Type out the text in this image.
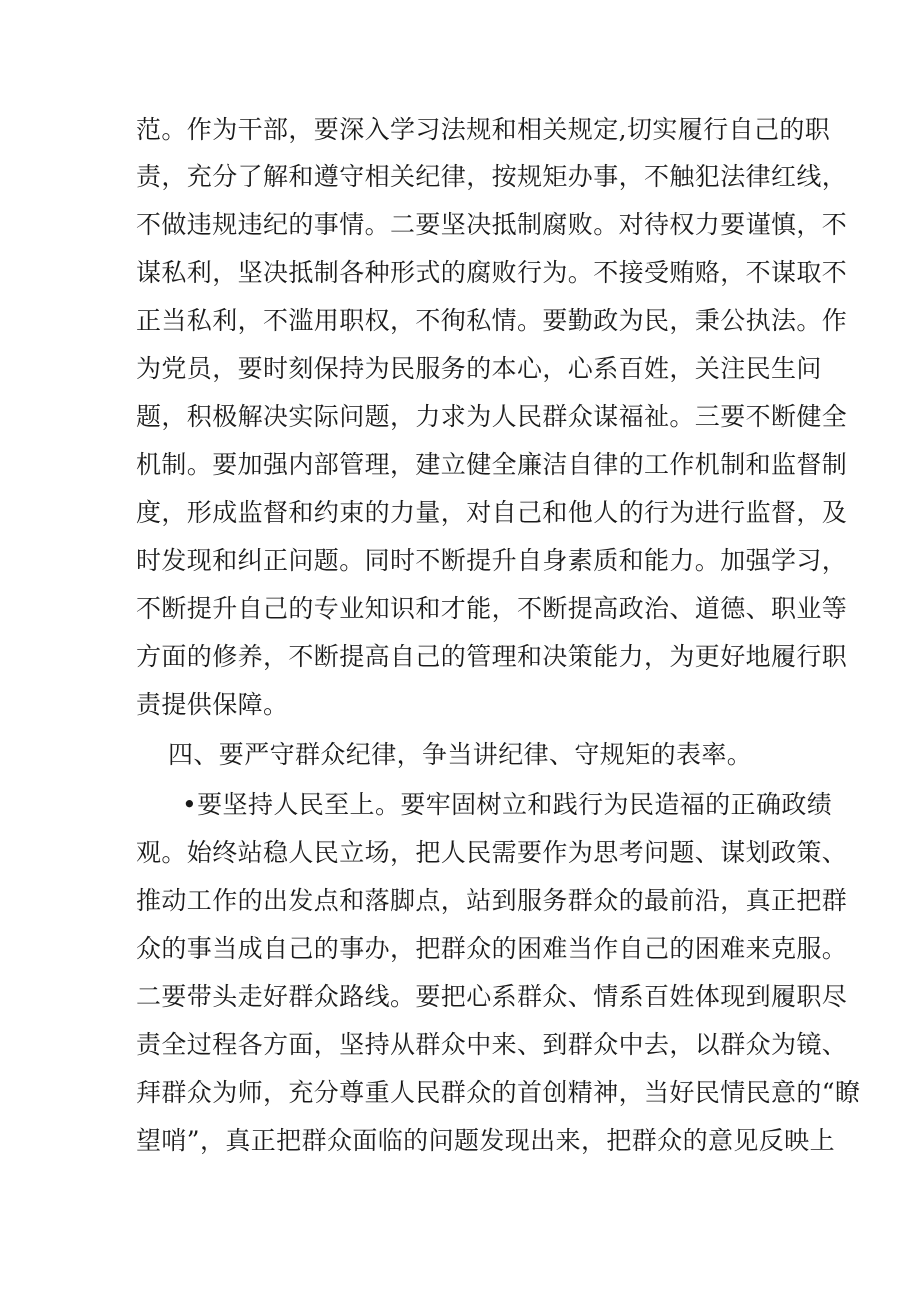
范。作为干部，要深入学习法规和相关规定,切实履行自己的职
责，充分了解和遵守相关纪律，按规矩办事，不触犯法律红线，
不做违规违纪的事情。二要坚决抵制腐败。对待权力要谨慎，不
谋私利，坚决抵制各种形式的腐败行为。不接受贿赂，不谋取不
正当私利，不滥用职权，不徇私情。要勤政为民，秉公执法。作
为党员，要时刻保持为民服务的本心，心系百姓，关注民生问
题，积极解决实际问题，力求为人民群众谋福祉。三要不断健全
机制。要加强内部管理，建立健全廉洁自律的工作机制和监督制
度，形成监督和约束的力量，对自己和他人的行为进行监督，及
时发现和纠正问题。同时不断提升自身素质和能力。加强学习，
不断提升自己的专业知识和才能，不断提高政治、道德、职业等
方面的修养，不断提高自己的管理和决策能力，为更好地履行职
责提供保障。
四、要严守群众纪律，争当讲纪律、守规矩的表率。
•要坚持人民至上。要牢固树立和践行为民造福的正确政绩
观。始终站稳人民立场，把人民需要作为思考问题、谋划政策、
推动工作的出发点和落脚点，站到服务群众的最前沿，真正把群
众的事当成自己的事办，把群众的困难当作自己的困难来克服。
二要带头走好群众路线。要把心系群众、情系百姓体现到履职尽
责全过程各方面，坚持从群众中来、到群众中去，以群众为镜、
拜群众为师，充分尊重人民群众的首创精神，当好民情民意的“瞭
望哨”，真正把群众面临的问题发现出来，把群众的意见反映上
